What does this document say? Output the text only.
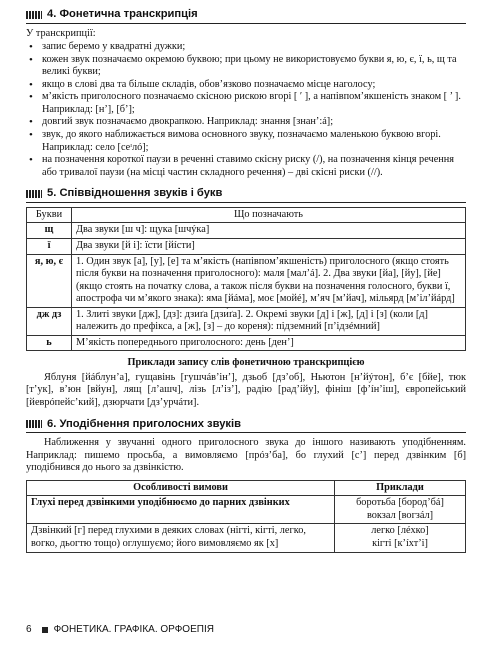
4. Фонетична транскрипція
У транскрипції:
• запис беремо у квадратні дужки;
• кожен звук позначаємо окремою буквою; при цьому не використовуємо букви я, ю, є, ї, ь, щ та великі букви;
• якщо в слові два та більше складів, обов’язково позначаємо місце наголосу;
• м’якість приголосного позначаємо скісною рискою вгорі [ ʹ ], а напівпом’якшеність знаком [ ’ ]. Наприклад: [н’], [б’];
• довгий звук позначаємо двокрапкою. Наприклад: знання [знан’:á];
• звук, до якого наближається вимова основного звуку, позначаємо маленькою буквою вгорі. Наприклад: село [сеᶦлó];
• на позначення короткої паузи в реченні ставимо скісну риску (/), на позначення кінця речення або тривалої паузи (на місці частин складного речення) – дві скісні риски (//).
5. Співвідношення звуків і букв
Букви	Що позначають
щ	Два звуки [ш ч]: щука [шчýка]
ї	Два звуки [й і]: їсти [йíсти]
я, ю, є	1. Один звук [а], [у], [е] та м’якість (напівпом’якшеність) приголосного (якщо стоять після букви на позначення приголосного): маля [мал’á]. 2. Два звуки [йа], [йу], [йе] (якщо стоять на початку слова, а також після букви на позначення голосного, букви ї, апострофа чи м’якого знака): яма [йáма], моє [мойé], м’яч [м’йач], мільярд [м’іл’йáрд]
дж дз	1. Злиті звуки [дж], [дз]: дзиґа [дзи́ґа]. 2. Окремі звуки [д] і [ж], [д] і [з] (коли [д] належить до префікса, а [ж], [з] – до кореня): підземний [п’ідзéмний]
ь	М’якість попереднього приголосного: день [ден’]
Приклади запису слів фонетичною транскрипцією

Яблуня [йáблун’а], гущавінь [гушчáв’ін’], дзьоб [дз’об], Ньютон [н’йýтон], б’є [бйе], тюк [т’ук], в’юн [вйун], лящ [л’ашч], лізь [л’із’], радію [рад’íйу], фініш [ф’íн’іш], європейський [йеврóпейс’кий], дзюрчати [дз’урчáти].

6. Уподібнення приголосних звуків

Наближення у звучанні одного приголосного звука до іншого називають уподібненням. Наприклад: пишемо просьба, а вимовляємо [прóз’ба], бо глухий [с’] перед дзвінким [б] уподібнився до нього за дзвінкістю.

Особливості вимови	Приклади
Глухі перед дзвінкими уподібнюємо до парних дзвінких	боротьба [бород’бá]
вокзал [вогзáл]

Дзвінкий [г] перед глухими в деяких словах (нігті, кігті, легко, вогко, дьогтю тощо) оглушуємо; його вимовляємо як [х]	легко [лéхко]
кігті [к’íхт’і]
6 ФОНЕТИКА. ГРАФІКА. ОРФОЕПІЯ
